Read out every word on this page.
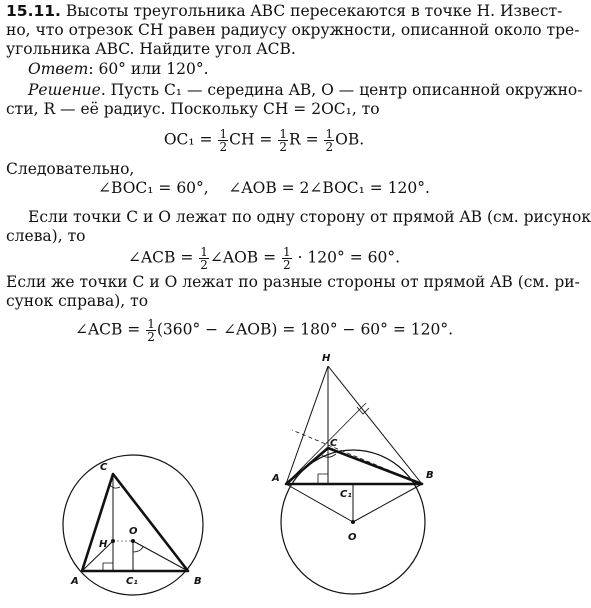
15.11. Высоты треугольника ABC пересекаются в точке H. Извест-

но, что отрезок CH равен радиусу окружности, описанной около тре-

угольника ABC. Найдите угол ACB.

Ответ: 60° или 120°.

Решение. Пусть C₁ — середина AB, O — центр описанной окружно-

сти, R — её радиус. Поскольку CH = 2OC₁, то

$OC_1 = \frac{1}{2}$ CH = $\frac{1}{2}$ $R = \frac{1}{2}$ OB.

Следовательно,

∠BOC₁ = 60°,    ∠AOB = 2∠BOC₁ = 120°.

Если точки C и O лежат по одну сторону от прямой AB (см. рисунок

слева), то

∠ACB = $\frac{1}{2}$ ∠AOB = $\frac{1}{2} \cdot 120^\circ = 60^\circ$.

Если же точки C и O лежат по разные стороны от прямой AB (см. ри-

сунок справа), то

∠ACB = $\frac{1}{2} (360^\circ$ − ∠AOB) = 180° − 60° = 120°.
C
H
O
A	B
C₁
H
C
A	B
C₁
O
